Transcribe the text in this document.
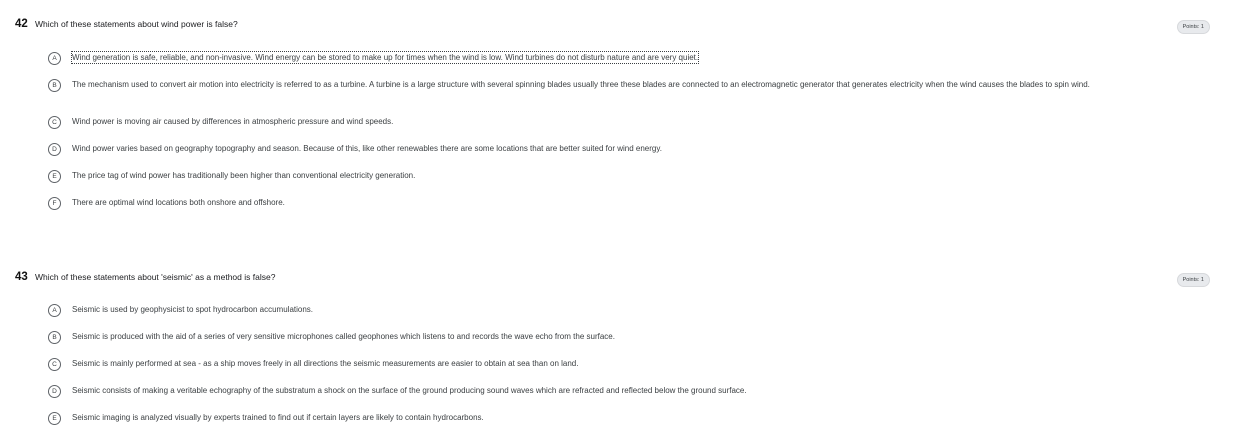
42 Which of these statements about wind power is false?	Points: 1
A	Wind generation is safe, reliable, and non-invasive. Wind energy can be stored to make up for times when the wind is low. Wind turbines do not disturb nature and are very quiet.
B	The mechanism used to convert air motion into electricity is referred to as a turbine. A turbine is a large structure with several spinning blades usually three these blades are connected to an electromagnetic generator that generates electricity when the wind causes the blades to spin wind.
C	Wind power is moving air caused by differences in atmospheric pressure and wind speeds.
D	Wind power varies based on geography topography and season. Because of this, like other renewables there are some locations that are better suited for wind energy.
E	The price tag of wind power has traditionally been higher than conventional electricity generation.
F	There are optimal wind locations both onshore and offshore.
43 Which of these statements about 'seismic' as a method is false?	Points: 1
A	Seismic is used by geophysicist to spot hydrocarbon accumulations.
B	Seismic is produced with the aid of a series of very sensitive microphones called geophones which listens to and records the wave echo from the surface.
C	Seismic is mainly performed at sea - as a ship moves freely in all directions the seismic measurements are easier to obtain at sea than on land.
D	Seismic consists of making a veritable echography of the substratum a shock on the surface of the ground producing sound waves which are refracted and reflected below the ground surface.
E	Seismic imaging is analyzed visually by experts trained to find out if certain layers are likely to contain hydrocarbons.
